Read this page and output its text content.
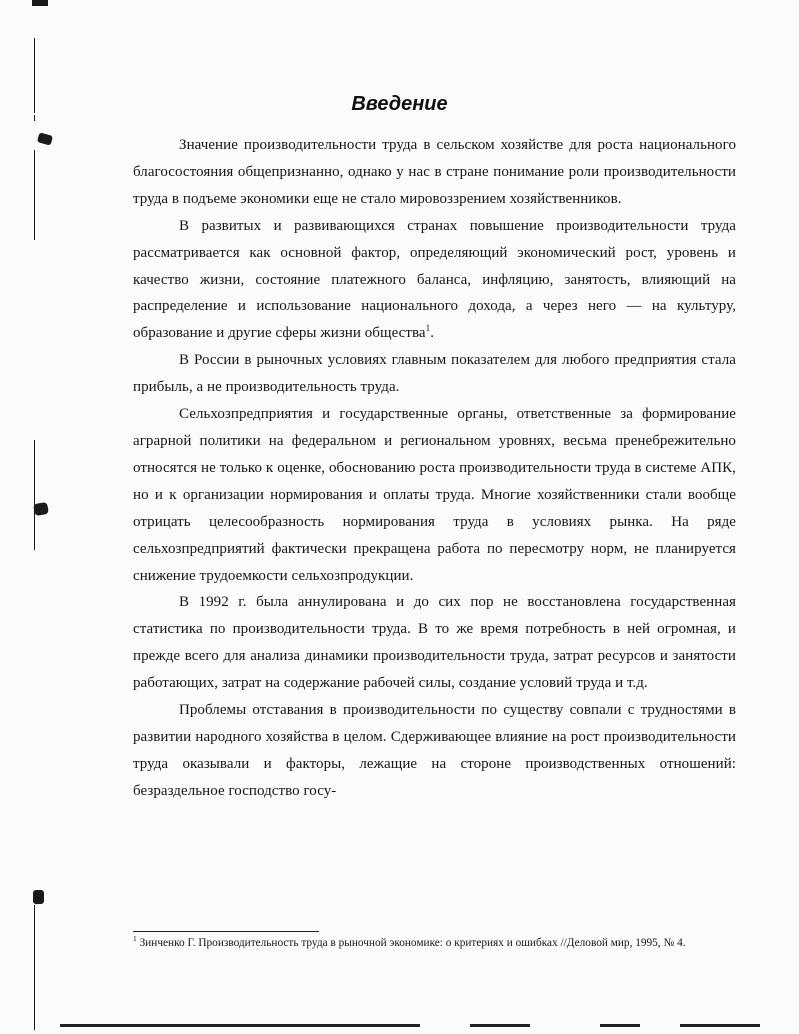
Введение

Значение производительности труда в сельском хозяйстве для роста национального благосостояния общепризнанно, однако у нас в стране понимание роли производительности труда в подъеме экономики еще не стало мировоззрением хозяйственников.

В развитых и развивающихся странах повышение производительности труда рассматривается как основной фактор, определяющий экономический рост, уровень и качество жизни, состояние платежного баланса, инфляцию, занятость, влияющий на распределение и использование национального дохода, а через него — на культуру, образование и другие сферы жизни общества$^1$.

В России в рыночных условиях главным показателем для любого предприятия стала прибыль, а не производительность труда.

Сельхозпредприятия и государственные органы, ответственные за формирование аграрной политики на федеральном и региональном уровнях, весьма пренебрежительно относятся не только к оценке, обоснованию роста производительности труда в системе АПК, но и к организации нормирования и оплаты труда. Многие хозяйственники стали вообще отрицать целесообразность нормирования труда в условиях рынка. На ряде сельхозпредприятий фактически прекращена работа по пересмотру норм, не планируется снижение трудоемкости сельхозпродукции.

В 1992 г. была аннулирована и до сих пор не восстановлена государственная статистика по производительности труда. В то же время потребность в ней огромная, и прежде всего для анализа динамики производительности труда, затрат ресурсов и занятости работающих, затрат на содержание рабочей силы, создание условий труда и т.д.

Проблемы отставания в производительности по существу совпали с трудностями в развитии народного хозяйства в целом. Сдерживающее влияние на рост производительности труда оказывали и факторы, лежащие на стороне производственных отношений: безраздельное господство госу-

$^1$ Зинченко Г. Производительность труда в рыночной экономике: о критериях и ошибках //Деловой мир, 1995, № 4.
